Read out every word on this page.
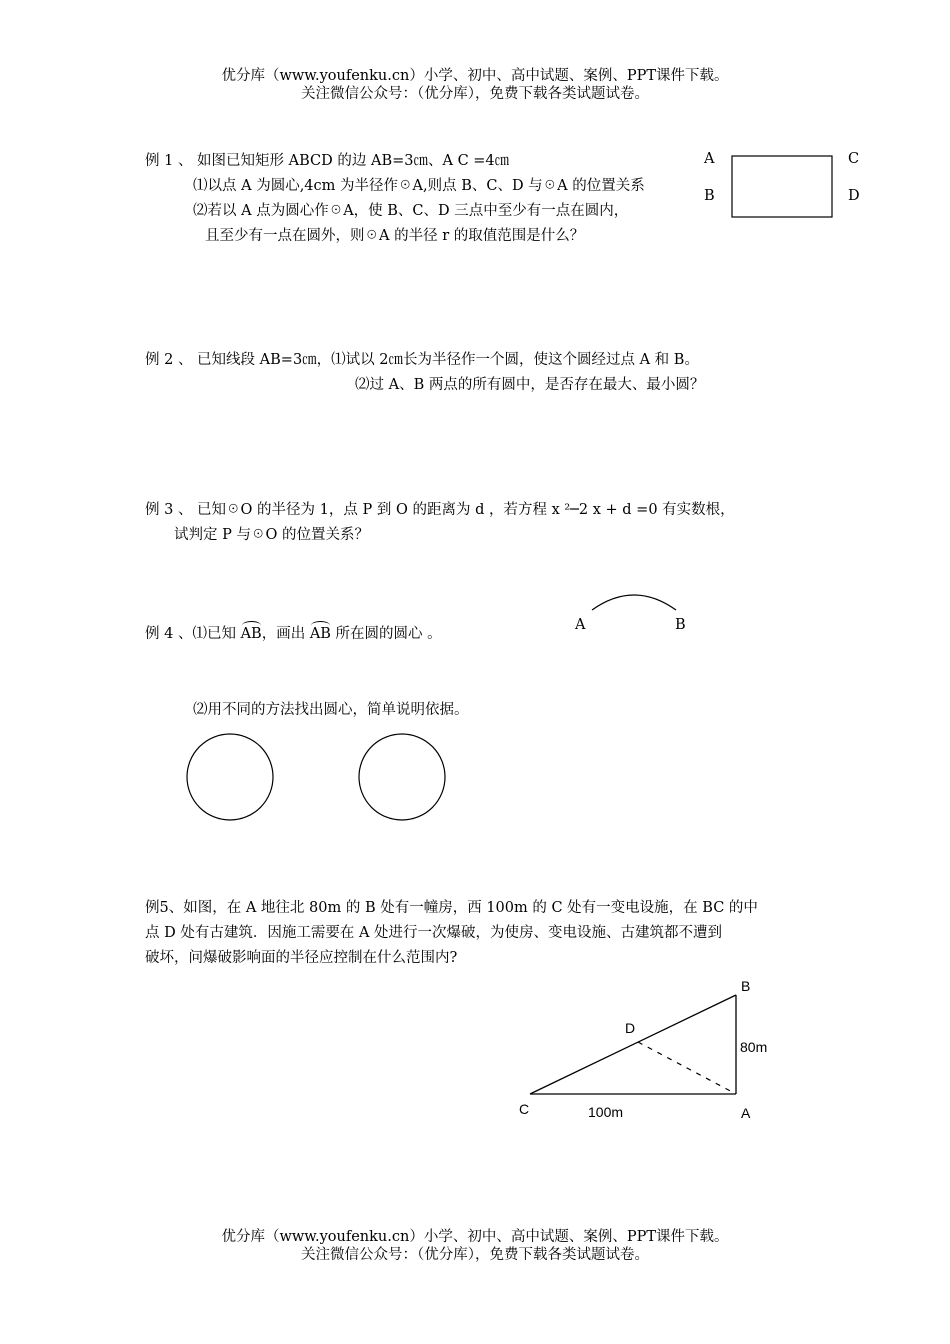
优分库（www.youfenku.cn）小学、初中、高中试题、案例、PPT课件下载。
关注微信公众号：（优分库），免费下载各类试题试卷。
例 1 、 如图已知矩形 ABCD 的边 AB=3㎝、A C =4㎝
⑴以点 A 为圆心,4cm 为半径作☉A,则点 B、C、D 与☉A 的位置关系
⑵若以 A 点为圆心作☉A，使 B、C、D 三点中至少有一点在圆内，
且至少有一点在圆外，则☉A 的半径 r 的取值范围是什么？
A
B
C
D
例 2 、 已知线段 AB=3㎝，⑴试以 2㎝长为半径作一个圆，使这个圆经过点 A 和 B。
⑵过 A、B 两点的所有圆中，是否存在最大、最小圆？
例 3 、 已知☉O 的半径为 1，点 P 到 O 的距离为 d ，若方程 x ²─2 x + d =0 有实数根，
试判定 P 与☉O 的位置关系？
例 4 、⑴已知 AB，画出 AB 所在圆的圆心 。
A	B
⑵用不同的方法找出圆心，简单说明依据。
例5、如图，在 A 地往北 80m 的 B 处有一幢房，西 100m 的 C 处有一变电设施，在 BC 的中
点 D 处有古建筑．因施工需要在 A 处进行一次爆破，为使房、变电设施、古建筑都不遭到
破坏，问爆破影响面的半径应控制在什么范围内?
B
D
80m
C	100m	A
优分库（www.youfenku.cn）小学、初中、高中试题、案例、PPT课件下载。
关注微信公众号：（优分库），免费下载各类试题试卷。
